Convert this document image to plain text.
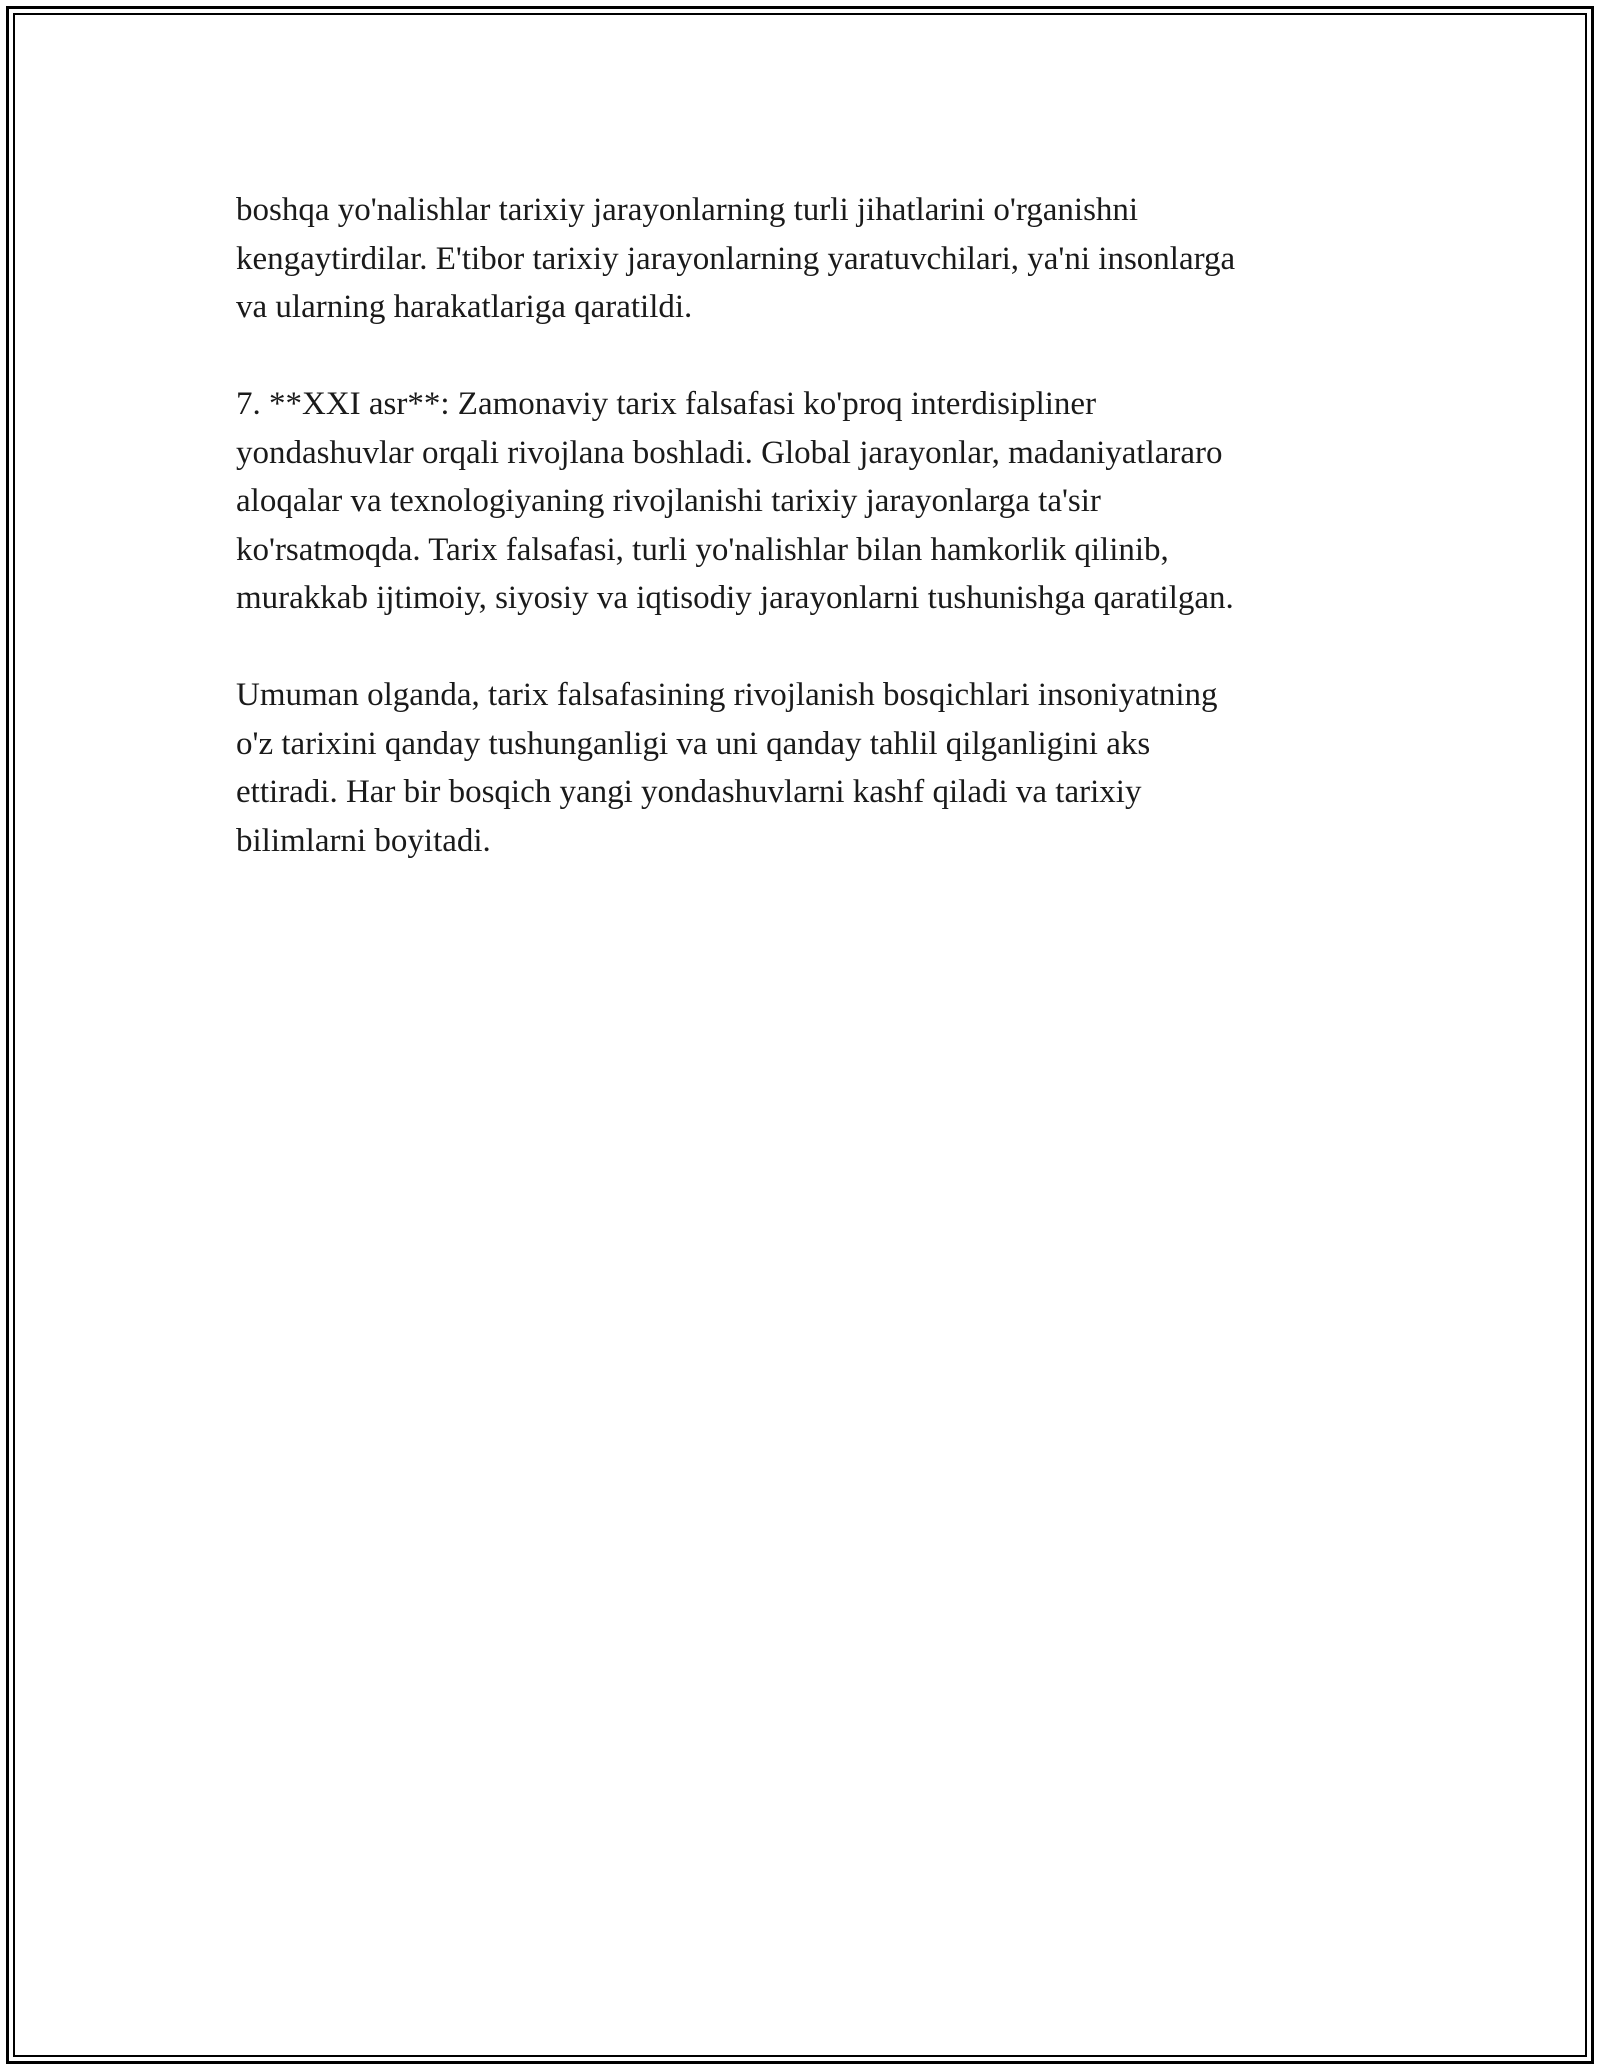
boshqa yo'nalishlar tarixiy jarayonlarning turli jihatlarini o'rganishni
kengaytirdilar. E'tibor tarixiy jarayonlarning yaratuvchilari, ya'ni insonlarga
va ularning harakatlariga qaratildi.

7. **XXI asr**: Zamonaviy tarix falsafasi ko'proq interdisipliner
yondashuvlar orqali rivojlana boshladi. Global jarayonlar, madaniyatlararo
aloqalar va texnologiyaning rivojlanishi tarixiy jarayonlarga ta'sir
ko'rsatmoqda. Tarix falsafasi, turli yo'nalishlar bilan hamkorlik qilinib,
murakkab ijtimoiy, siyosiy va iqtisodiy jarayonlarni tushunishga qaratilgan.

Umuman olganda, tarix falsafasining rivojlanish bosqichlari insoniyatning
o'z tarixini qanday tushunganligi va uni qanday tahlil qilganligini aks
ettiradi. Har bir bosqich yangi yondashuvlarni kashf qiladi va tarixiy
bilimlarni boyitadi.
